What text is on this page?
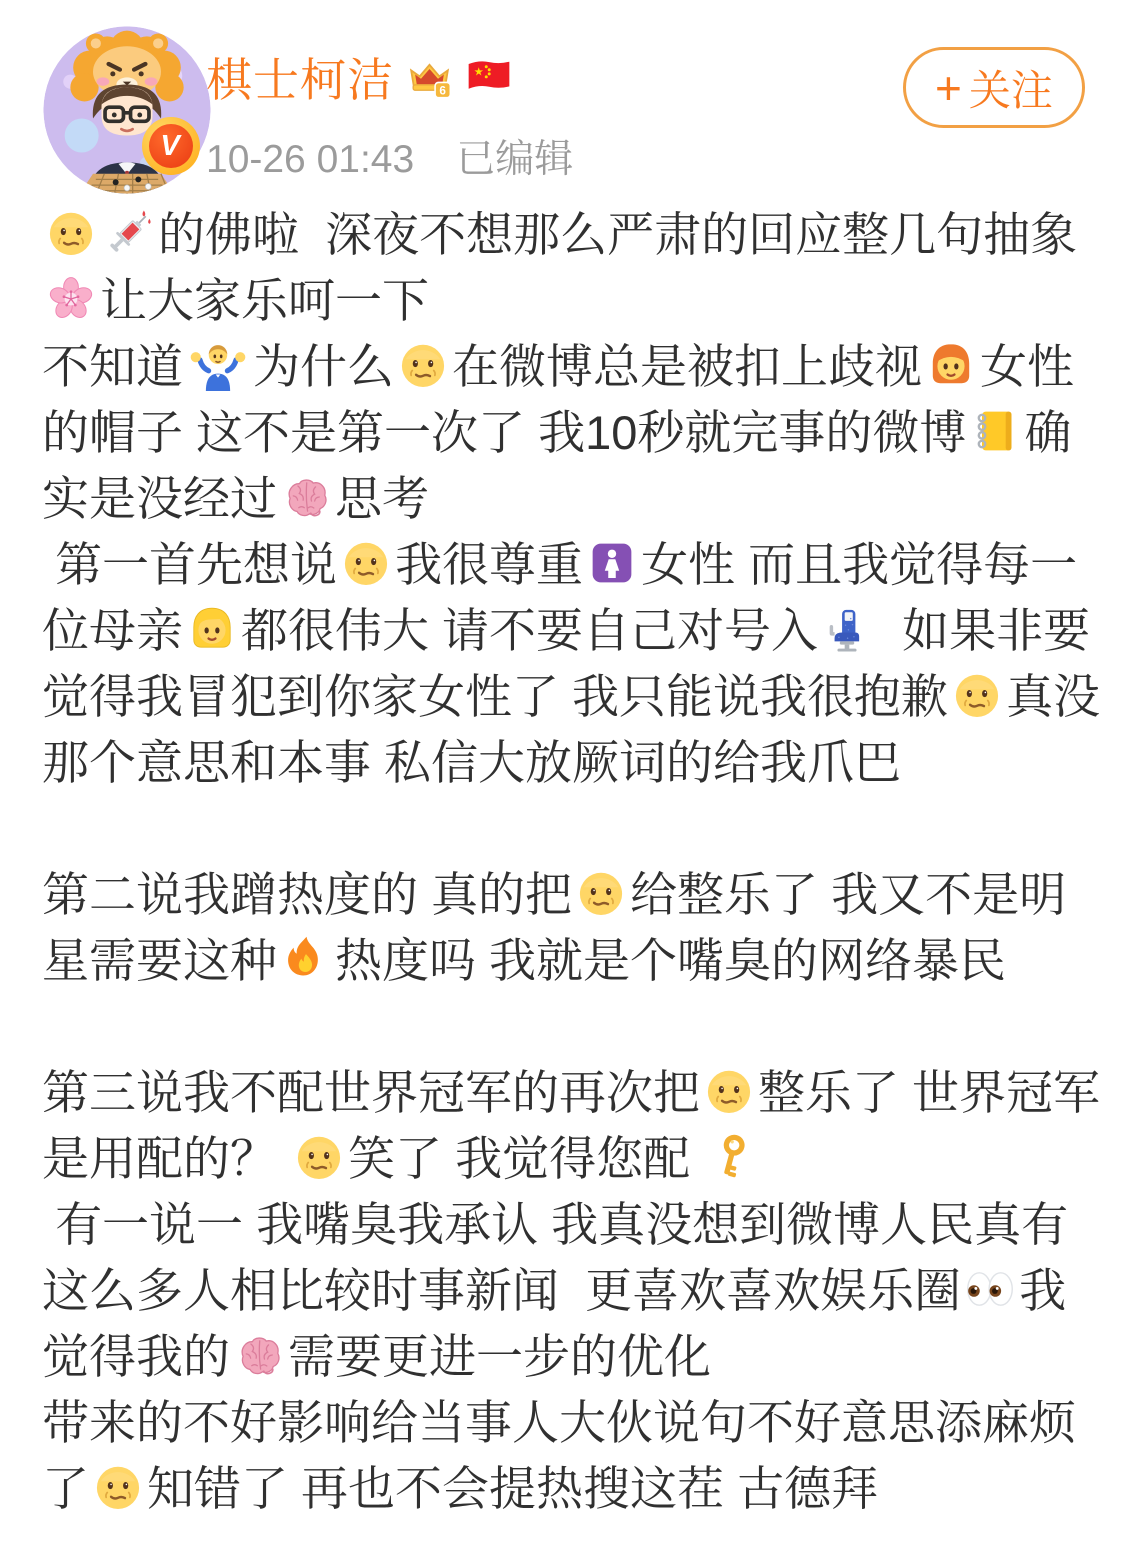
V
棋士柯洁	6
10-26 01:43 已编辑
+ 关注
的佛啦  深夜不想那么严肃的回应整几句抽象
让大家乐呵一下
不知道 为什么 在微博总是被扣上歧视 女性的帽子 这不是第一次了 我10秒就完事的微博 确实是没经过 思考
第一首先想说 我很尊重 女性 而且我觉得每一位母亲 都很伟大 请不要自己对号入
如果非要觉得我冒犯到你家女性了 我只能说我很抱歉 真没那个意思和本事 私信大放厥词的给我爪巴
第二说我蹭热度的 真的把 给整乐了 我又不是明星需要这种 热度吗 我就是个嘴臭的网络暴民
第三说我不配世界冠军的再次把 整乐了 世界冠军是用配的？
笑了 我觉得您配
有一说一 我嘴臭我承认 我真没想到微博人民真有这么多人相比较时事新闻  更喜欢喜欢娱乐圈 我觉得我的 需要更进一步的优化
带来的不好影响给当事人大伙说句不好意思添麻烦了 知错了 再也不会提热搜这茬 古德拜
